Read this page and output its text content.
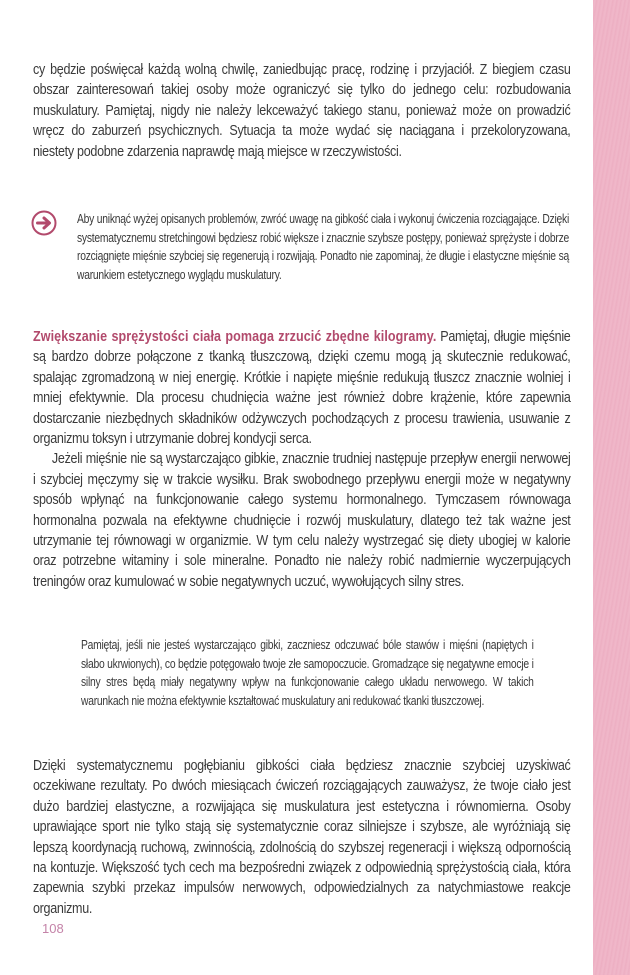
cy będzie poświęcał każdą wolną chwilę, zaniedbując pracę, rodzinę i przyjaciół. Z biegiem czasu obszar zainteresowań takiej osoby może ograniczyć się tylko do jednego celu: rozbudowania muskulatury. Pamiętaj, nigdy nie należy lekceważyć takiego stanu, ponieważ może on prowadzić wręcz do zaburzeń psychicznych. Sytuacja ta może wydać się naciągana i przekoloryzowana, niestety podobne zdarzenia naprawdę mają miejsce w rzeczywistości.

Aby uniknąć wyżej opisanych problemów, zwróć uwagę na gibkość ciała i wykonuj ćwiczenia rozciągające. Dzięki systematycznemu stretchingowi będziesz robić większe i znacznie szybsze postępy, ponieważ sprężyste i dobrze rozciągnięte mięśnie szybciej się regenerują i rozwijają. Ponadto nie zapominaj, że długie i elastyczne mięśnie są warunkiem estetycznego wyglądu muskulatury.

Zwiększanie sprężystości ciała pomaga zrzucić zbędne kilogramy. Pamiętaj, długie mięśnie są bardzo dobrze połączone z tkanką tłuszczową, dzięki czemu mogą ją skutecznie redukować, spalając zgromadzoną w niej energię. Krótkie i napięte mięśnie redukują tłuszcz znacznie wolniej i mniej efektywnie. Dla procesu chudnięcia ważne jest również dobre krążenie, które zapewnia dostarczanie niezbędnych składników odżywczych pochodzących z procesu trawienia, usuwanie z organizmu toksyn i utrzymanie dobrej kondycji serca.

Jeżeli mięśnie nie są wystarczająco gibkie, znacznie trudniej następuje przepływ energii nerwowej i szybciej męczymy się w trakcie wysiłku. Brak swobodnego przepływu energii może w negatywny sposób wpłynąć na funkcjonowanie całego systemu hormonalnego. Tymczasem równowaga hormonalna pozwala na efektywne chudnięcie i rozwój muskulatury, dlatego też tak ważne jest utrzymanie tej równowagi w organizmie. W tym celu należy wystrzegać się diety ubogiej w kalorie oraz potrzebne witaminy i sole mineralne. Ponadto nie należy robić nadmiernie wyczerpujących treningów oraz kumulować w sobie negatywnych uczuć, wywołujących silny stres.

Pamiętaj, jeśli nie jesteś wystarczająco gibki, zaczniesz odczuwać bóle stawów i mięśni (napiętych i słabo ukrwionych), co będzie potęgowało twoje złe samopoczucie. Gromadzące się negatywne emocje i silny stres będą miały negatywny wpływ na funkcjonowanie całego układu nerwowego. W takich warunkach nie można efektywnie kształtować muskulatury ani redukować tkanki tłuszczowej.

Dzięki systematycznemu pogłębianiu gibkości ciała będziesz znacznie szybciej uzyskiwać oczekiwane rezultaty. Po dwóch miesiącach ćwiczeń rozciągających zauważysz, że twoje ciało jest dużo bardziej elastyczne, a rozwijająca się muskulatura jest estetyczna i równomierna. Osoby uprawiające sport nie tylko stają się systematycznie coraz silniejsze i szybsze, ale wyróżniają się lepszą koordynacją ruchową, zwinnością, zdolnością do szybszej regeneracji i większą odpornością na kontuzje. Większość tych cech ma bezpośredni związek z odpowiednią sprężystością ciała, która zapewnia szybki przekaz impulsów nerwowych, odpowiedzialnych za natychmiastowe reakcje organizmu.

108
